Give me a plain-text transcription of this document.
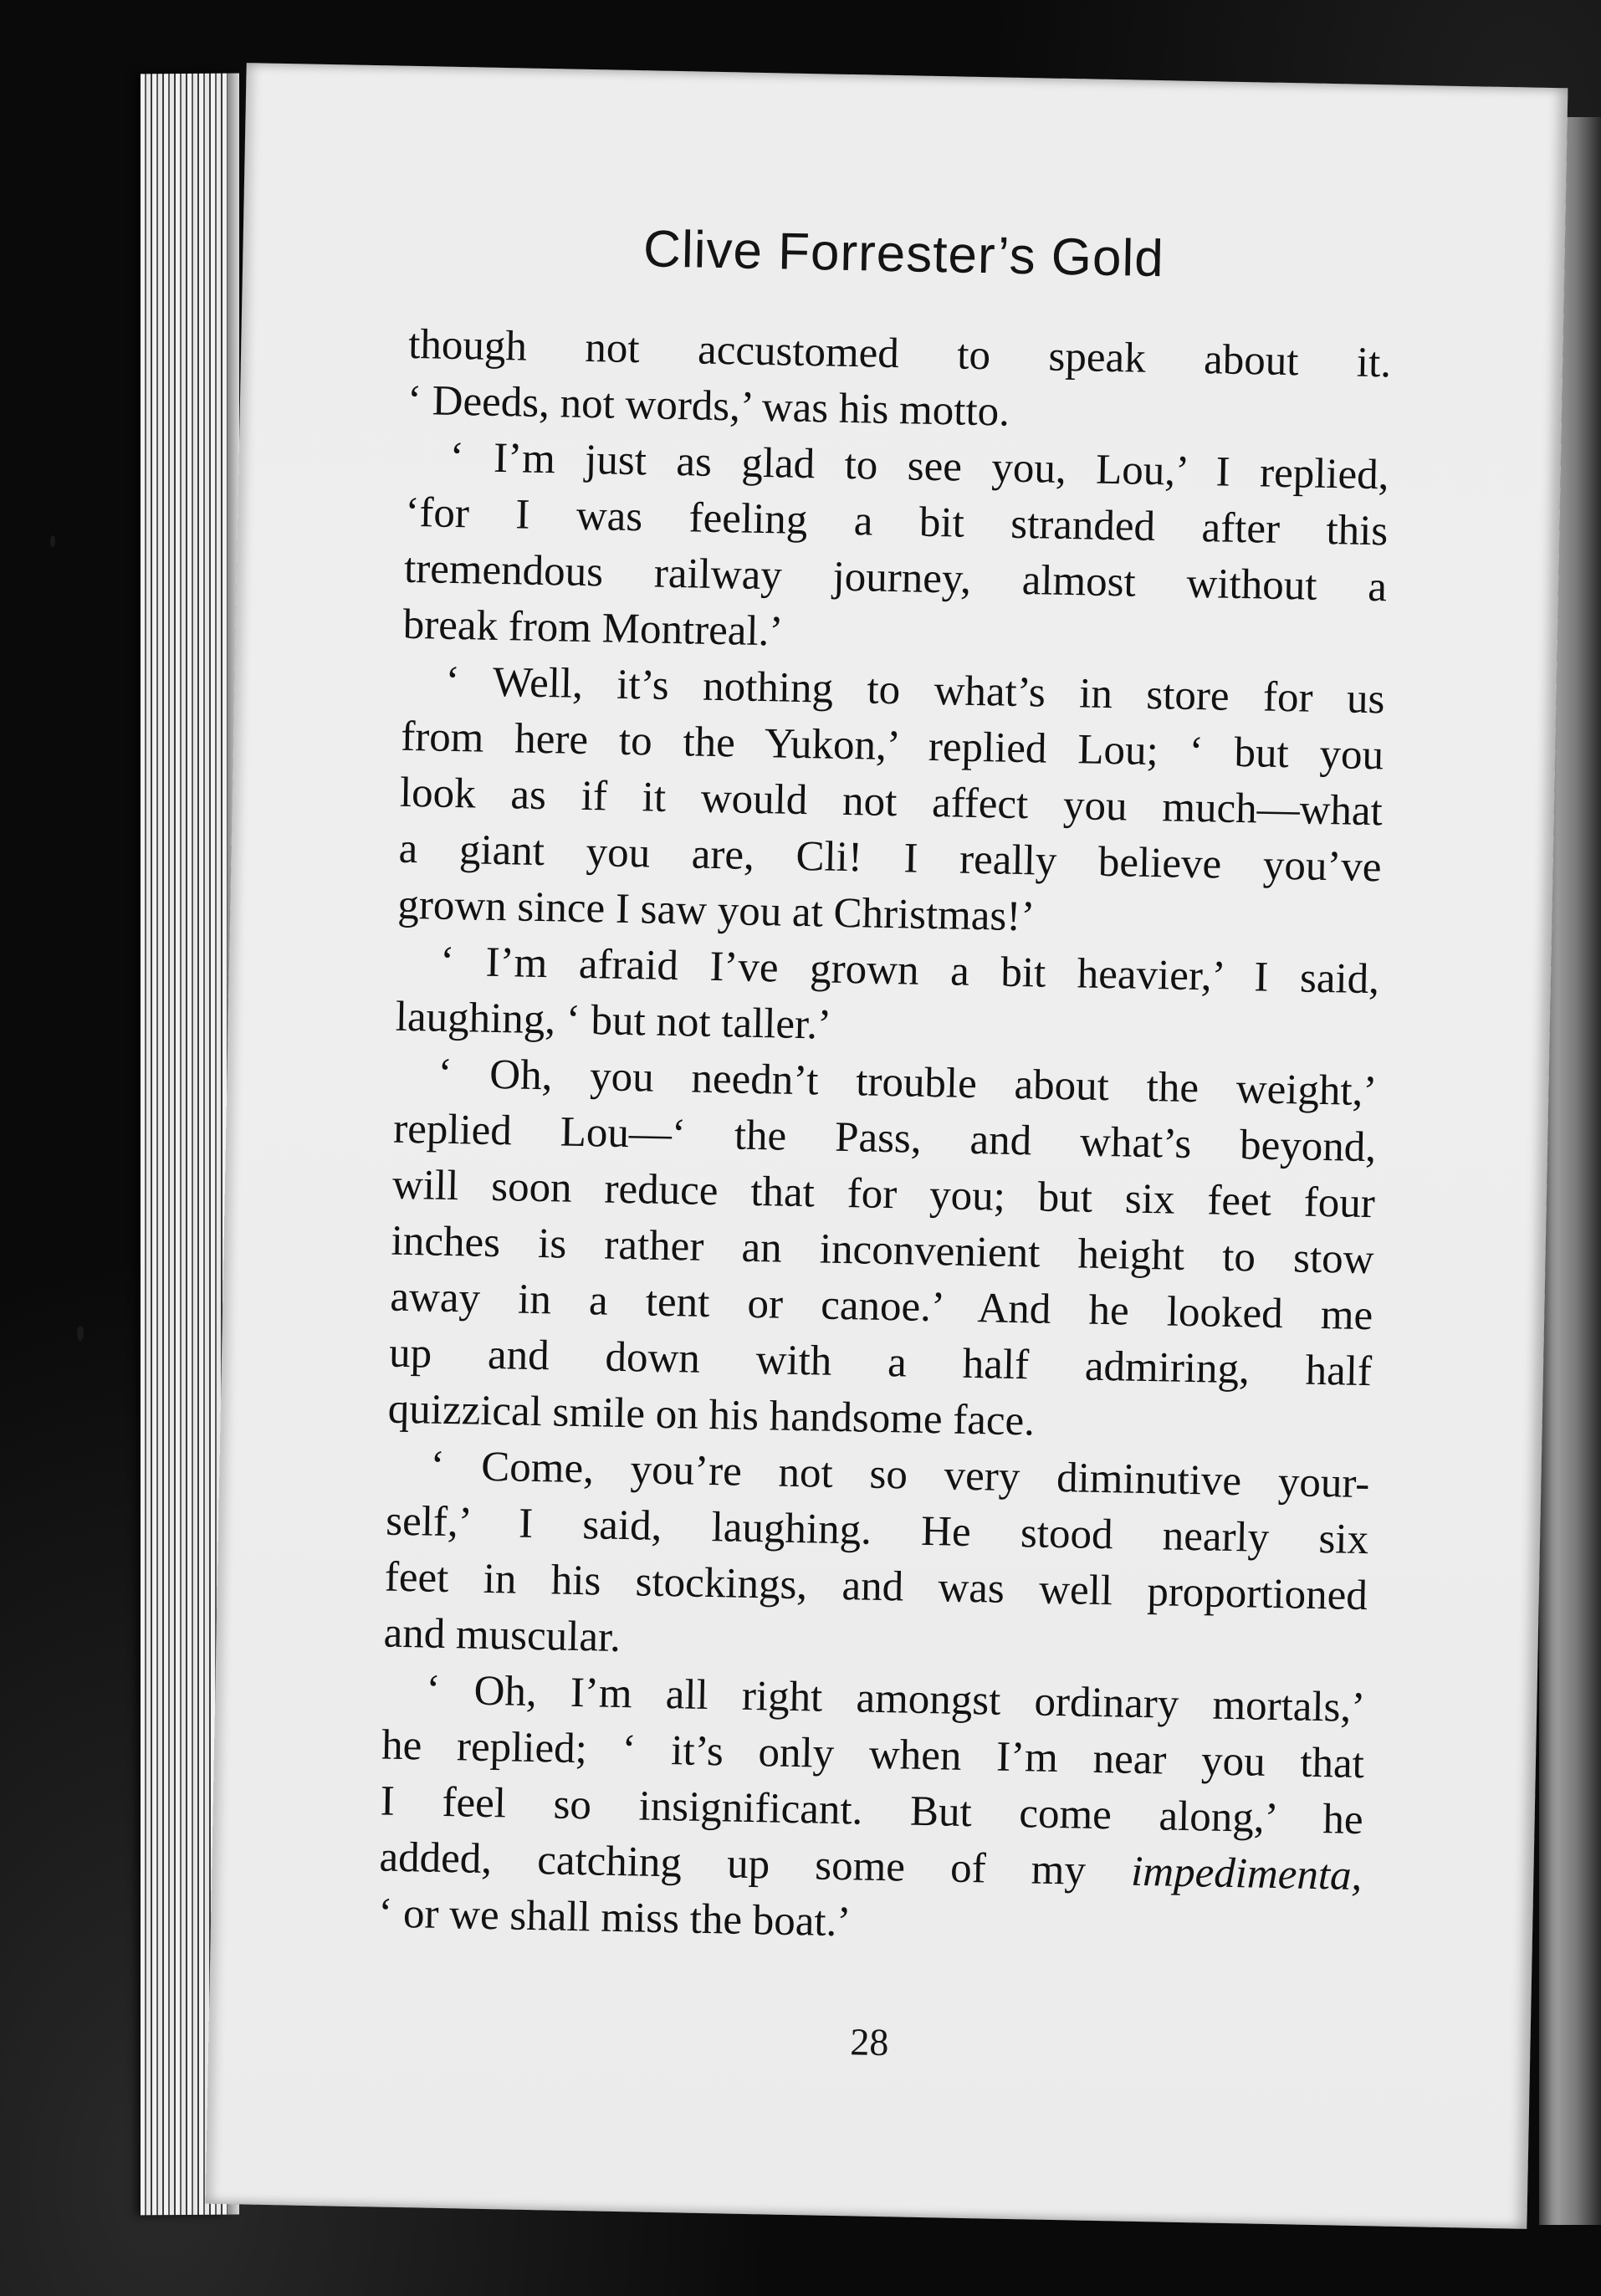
Clive Forrester’s Gold
though not accustomed to speak about it.
‘ Deeds, not words,’ was his motto.
‘ I’m just as glad to see you, Lou,’ I replied,
‘for I was feeling a bit stranded after this
tremendous railway journey, almost without a
break from Montreal.’
‘ Well, it’s nothing to what’s in store for us
from here to the Yukon,’ replied Lou; ‘ but you
look as if it would not affect you much—what
a giant you are, Cli! I really believe you’ve
grown since I saw you at Christmas!’
‘ I’m afraid I’ve grown a bit heavier,’ I said,
laughing, ‘ but not taller.’
‘ Oh, you needn’t trouble about the weight,’
replied Lou—‘ the Pass, and what’s beyond,
will soon reduce that for you; but six feet four
inches is rather an inconvenient height to stow
away in a tent or canoe.’ And he looked me
up and down with a half admiring, half
quizzical smile on his handsome face.
‘ Come, you’re not so very diminutive your-
self,’ I said, laughing. He stood nearly six
feet in his stockings, and was well proportioned
and muscular.
‘ Oh, I’m all right amongst ordinary mortals,’
he replied; ‘ it’s only when I’m near you that
I feel so insignificant. But come along,’ he
added, catching up some of my impedimenta,
‘ or we shall miss the boat.’
28
